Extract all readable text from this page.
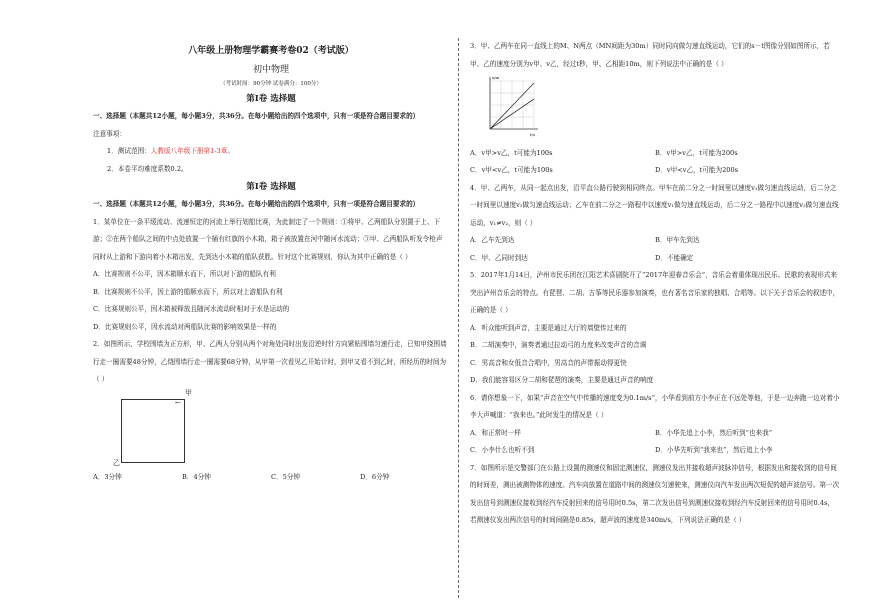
八年级上册物理学霸赛考卷02（考试版）
初中物理
（考试时间：90分钟 试卷满分：100分）
第Ⅰ卷 选择题

一、选择题（本题共12小题，每小题3分，共36分。在每小题给出的四个选项中，只有一项是符合题目要求的）

注意事项：

1．测试范围：人教版八年级下册第1-3章。

2．本卷平均难度系数0.2。

第Ⅰ卷 选择题

一、选择题（本题共12小题，每小题3分，共36分。在每小题给出的四个选项中，只有一项是符合题目要求的）

1．某单位在一条平缓流动、流速恒定的河流上举行划船比赛，为此制定了一个规则：①将甲、乙两船队分别置于上、下游；②在两个船队之间的中点处放置一个插有红旗的小木箱，箱子被放置在河中随河水流动；③甲、乙两船队听发令枪声同时从上游和下游向着小木箱出发，先到达小木箱的船队获胜。针对这个比赛规则，你认为其中正确的是（ ）

A．比赛规则不公平，因木箱顺水而下，所以对下游的船队有利

B．比赛规则不公平，因上游的船顺水而下，所以对上游船队有利

C．比赛规则公平，因木箱被释放且随河水流动时相对于水是运动的

D．比赛规则公平，因水流动对两船队比赛的影响效果是一样的

2．如图所示，学校围墙为正方形，甲、乙两人分别从两个对角处同时出发沿逆时针方向紧贴围墙匀速行走，已知甲绕围墙行走一圈需要48分钟，乙绕围墙行走一圈需要68分钟，从甲第一次看见乙开始计时，到甲又看不到乙时，所经历的时间为（ ）

←
甲
乙
A．3分钟	B．4分钟	C．5分钟	D．6分钟

3．甲、乙两车在同一直线上的M、N两点（MN间距为30m）同时同向做匀速直线运动，它们的s－t图像分别如图所示，若甲、乙的速度分别为v甲、v乙，经过t秒，甲、乙相距10m，则下列说法中正确的是（ ）

s/m
t/s
A．v甲>v乙，t可能为100s	B．v甲>v乙，t可能为200s
C．v甲<v乙，t可能为100s	D．v甲<v乙，t可能为200s

4．甲、乙两车，从同一起点出发，沿平直公路行驶到相同终点。甲车在前二分之一时间里以速度v₁做匀速直线运动，后二分之一时间里以速度v₂做匀速直线运动；乙车在前二分之一路程中以速度v₁做匀速直线运动，后二分之一路程中以速度v₂做匀速直线运动，v₁≠v₂，则（ ）

A．乙车先到达	B．甲车先到达
C．甲、乙同时到达	D．不能确定

5．2017年1月14日，泸州市民乐团在江阳艺术喜剧院开了“2017年迎春音乐会”，音乐会着重体现出民乐、民歌的表现形式来突出泸州音乐会的特点。有琵琶、二胡、古筝等民乐器参加演奏，也有著名音乐家的独唱、合唱等。以下关于音乐会的叙述中，正确的是（ ）

A．听众能听到声音，主要是通过大厅的墙壁传过来的

B．二胡演奏中，演奏者通过拉动弓的力度来改变声音的音调

C．男高音和女低音合唱中，男高音的声带振动得更快

D．我们能容易区分二胡和琵琶的演奏，主要是通过声音的响度

6．请你想象一下，如果“声音在空气中传播的速度变为0.1m/s”，小华看到前方小李正在不远处等他，于是一边奔跑一边对着小李大声喊道：“我来也。”此时发生的情况是（ ）

A．和正常时一样	B．小华先追上小李，然后听到“也来我”
C．小李什么也听不到	D．小华先听到“我来也”，然后追上小李

7．如图所示是交警部门在公路上设置的测速仪和固定测速仪，测速仪发出并接收超声波脉冲信号，根据发出和接收到的信号间的时间差，测出被测物体的速度。汽车向放置在道路中间的测速仪匀速驶来，测速仪向汽车发出两次短促的超声波信号。第一次发出信号到测速仪接收到经汽车反射回来的信号用时0.5s，第二次发出信号到测速仪接收到经汽车反射回来的信号用时0.4s，若测速仪发出两次信号的时间间隔是0.85s，超声波的速度是340m/s，下列说法正确的是（ ）
